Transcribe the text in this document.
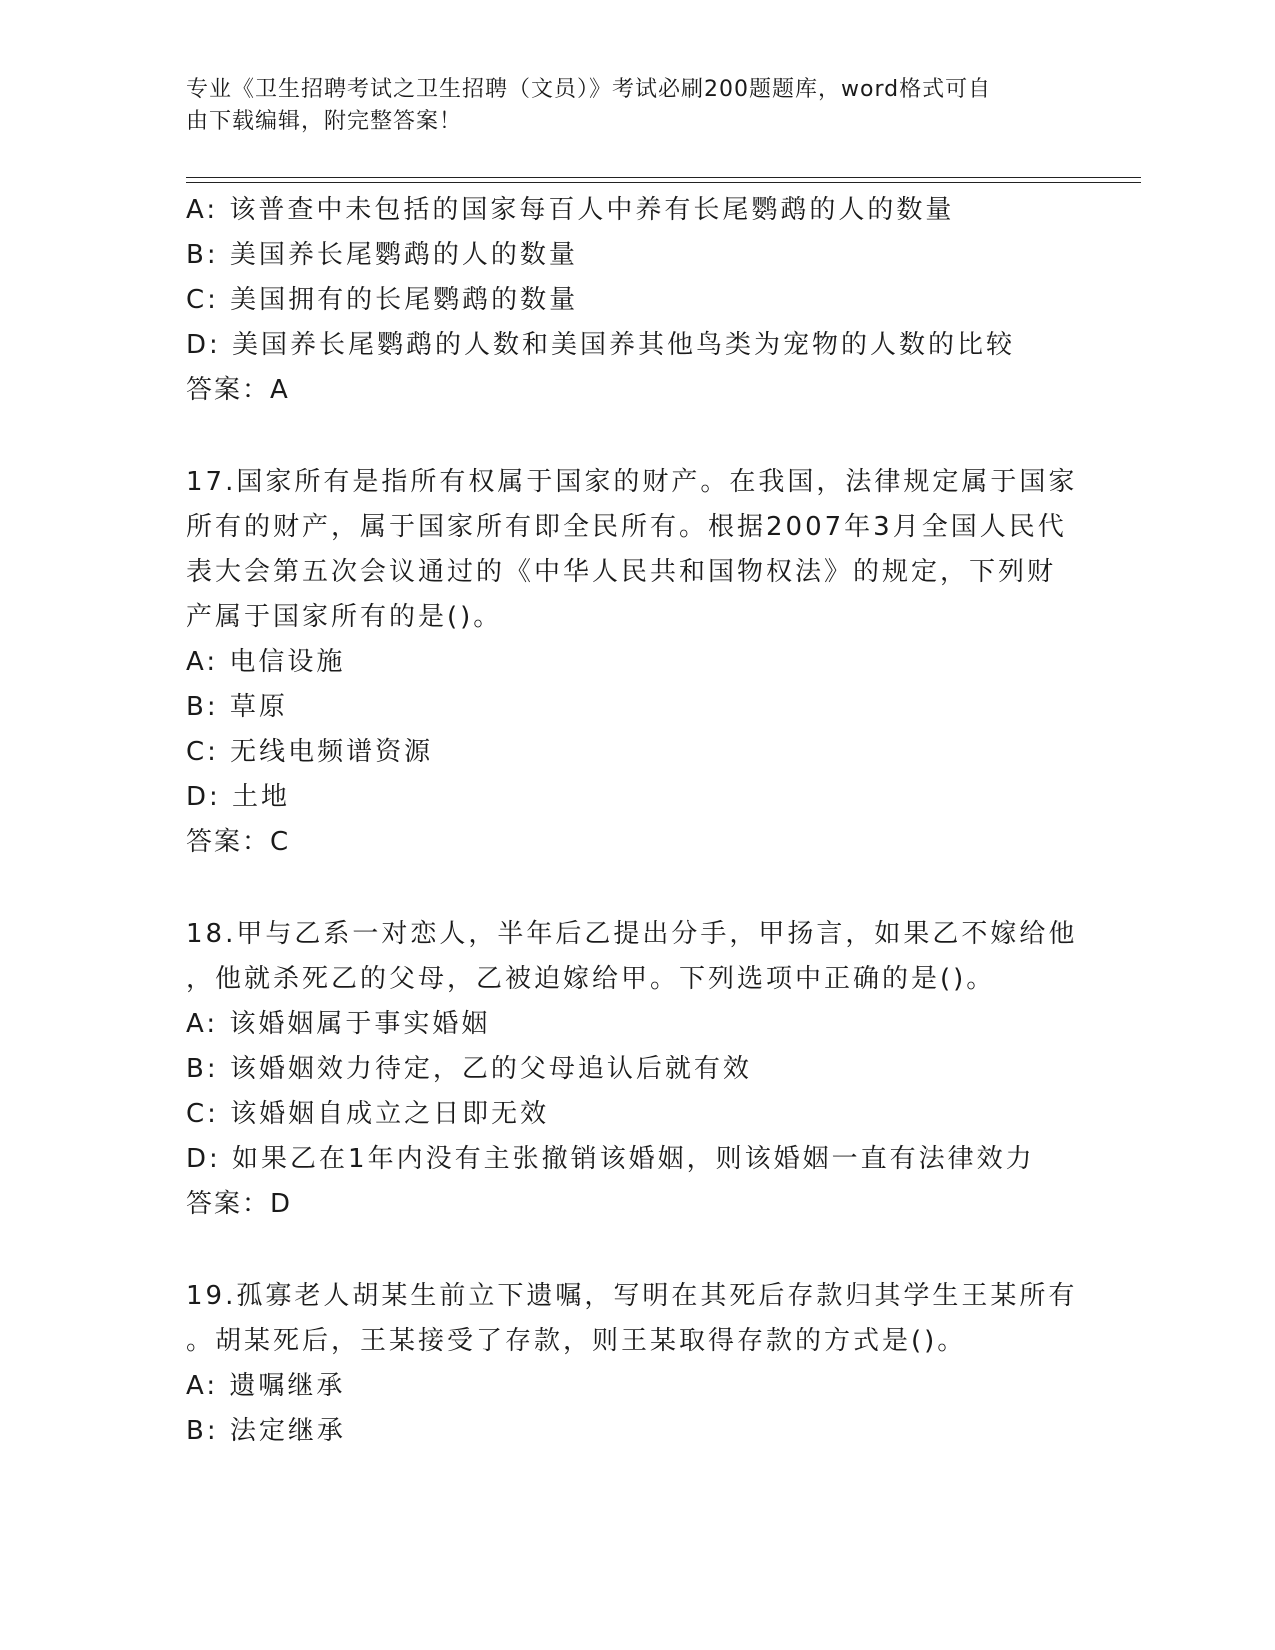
专业《卫生招聘考试之卫生招聘（文员）》考试必刷200题题库，word格式可自
由下载编辑，附完整答案！
A: 该普查中未包括的国家每百人中养有长尾鹦鹉的人的数量
B: 美国养长尾鹦鹉的人的数量
C: 美国拥有的长尾鹦鹉的数量
D: 美国养长尾鹦鹉的人数和美国养其他鸟类为宠物的人数的比较
答案：A
17.国家所有是指所有权属于国家的财产。在我国，法律规定属于国家
所有的财产，属于国家所有即全民所有。根据2007年3月全国人民代
表大会第五次会议通过的《中华人民共和国物权法》的规定，下列财
产属于国家所有的是()。
A: 电信设施
B: 草原
C: 无线电频谱资源
D: 土地
答案：C
18.甲与乙系一对恋人，半年后乙提出分手，甲扬言，如果乙不嫁给他
，他就杀死乙的父母，乙被迫嫁给甲。下列选项中正确的是()。
A: 该婚姻属于事实婚姻
B: 该婚姻效力待定，乙的父母追认后就有效
C: 该婚姻自成立之日即无效
D: 如果乙在1年内没有主张撤销该婚姻，则该婚姻一直有法律效力
答案：D
19.孤寡老人胡某生前立下遗嘱，写明在其死后存款归其学生王某所有
。胡某死后，王某接受了存款，则王某取得存款的方式是()。
A: 遗嘱继承
B: 法定继承
